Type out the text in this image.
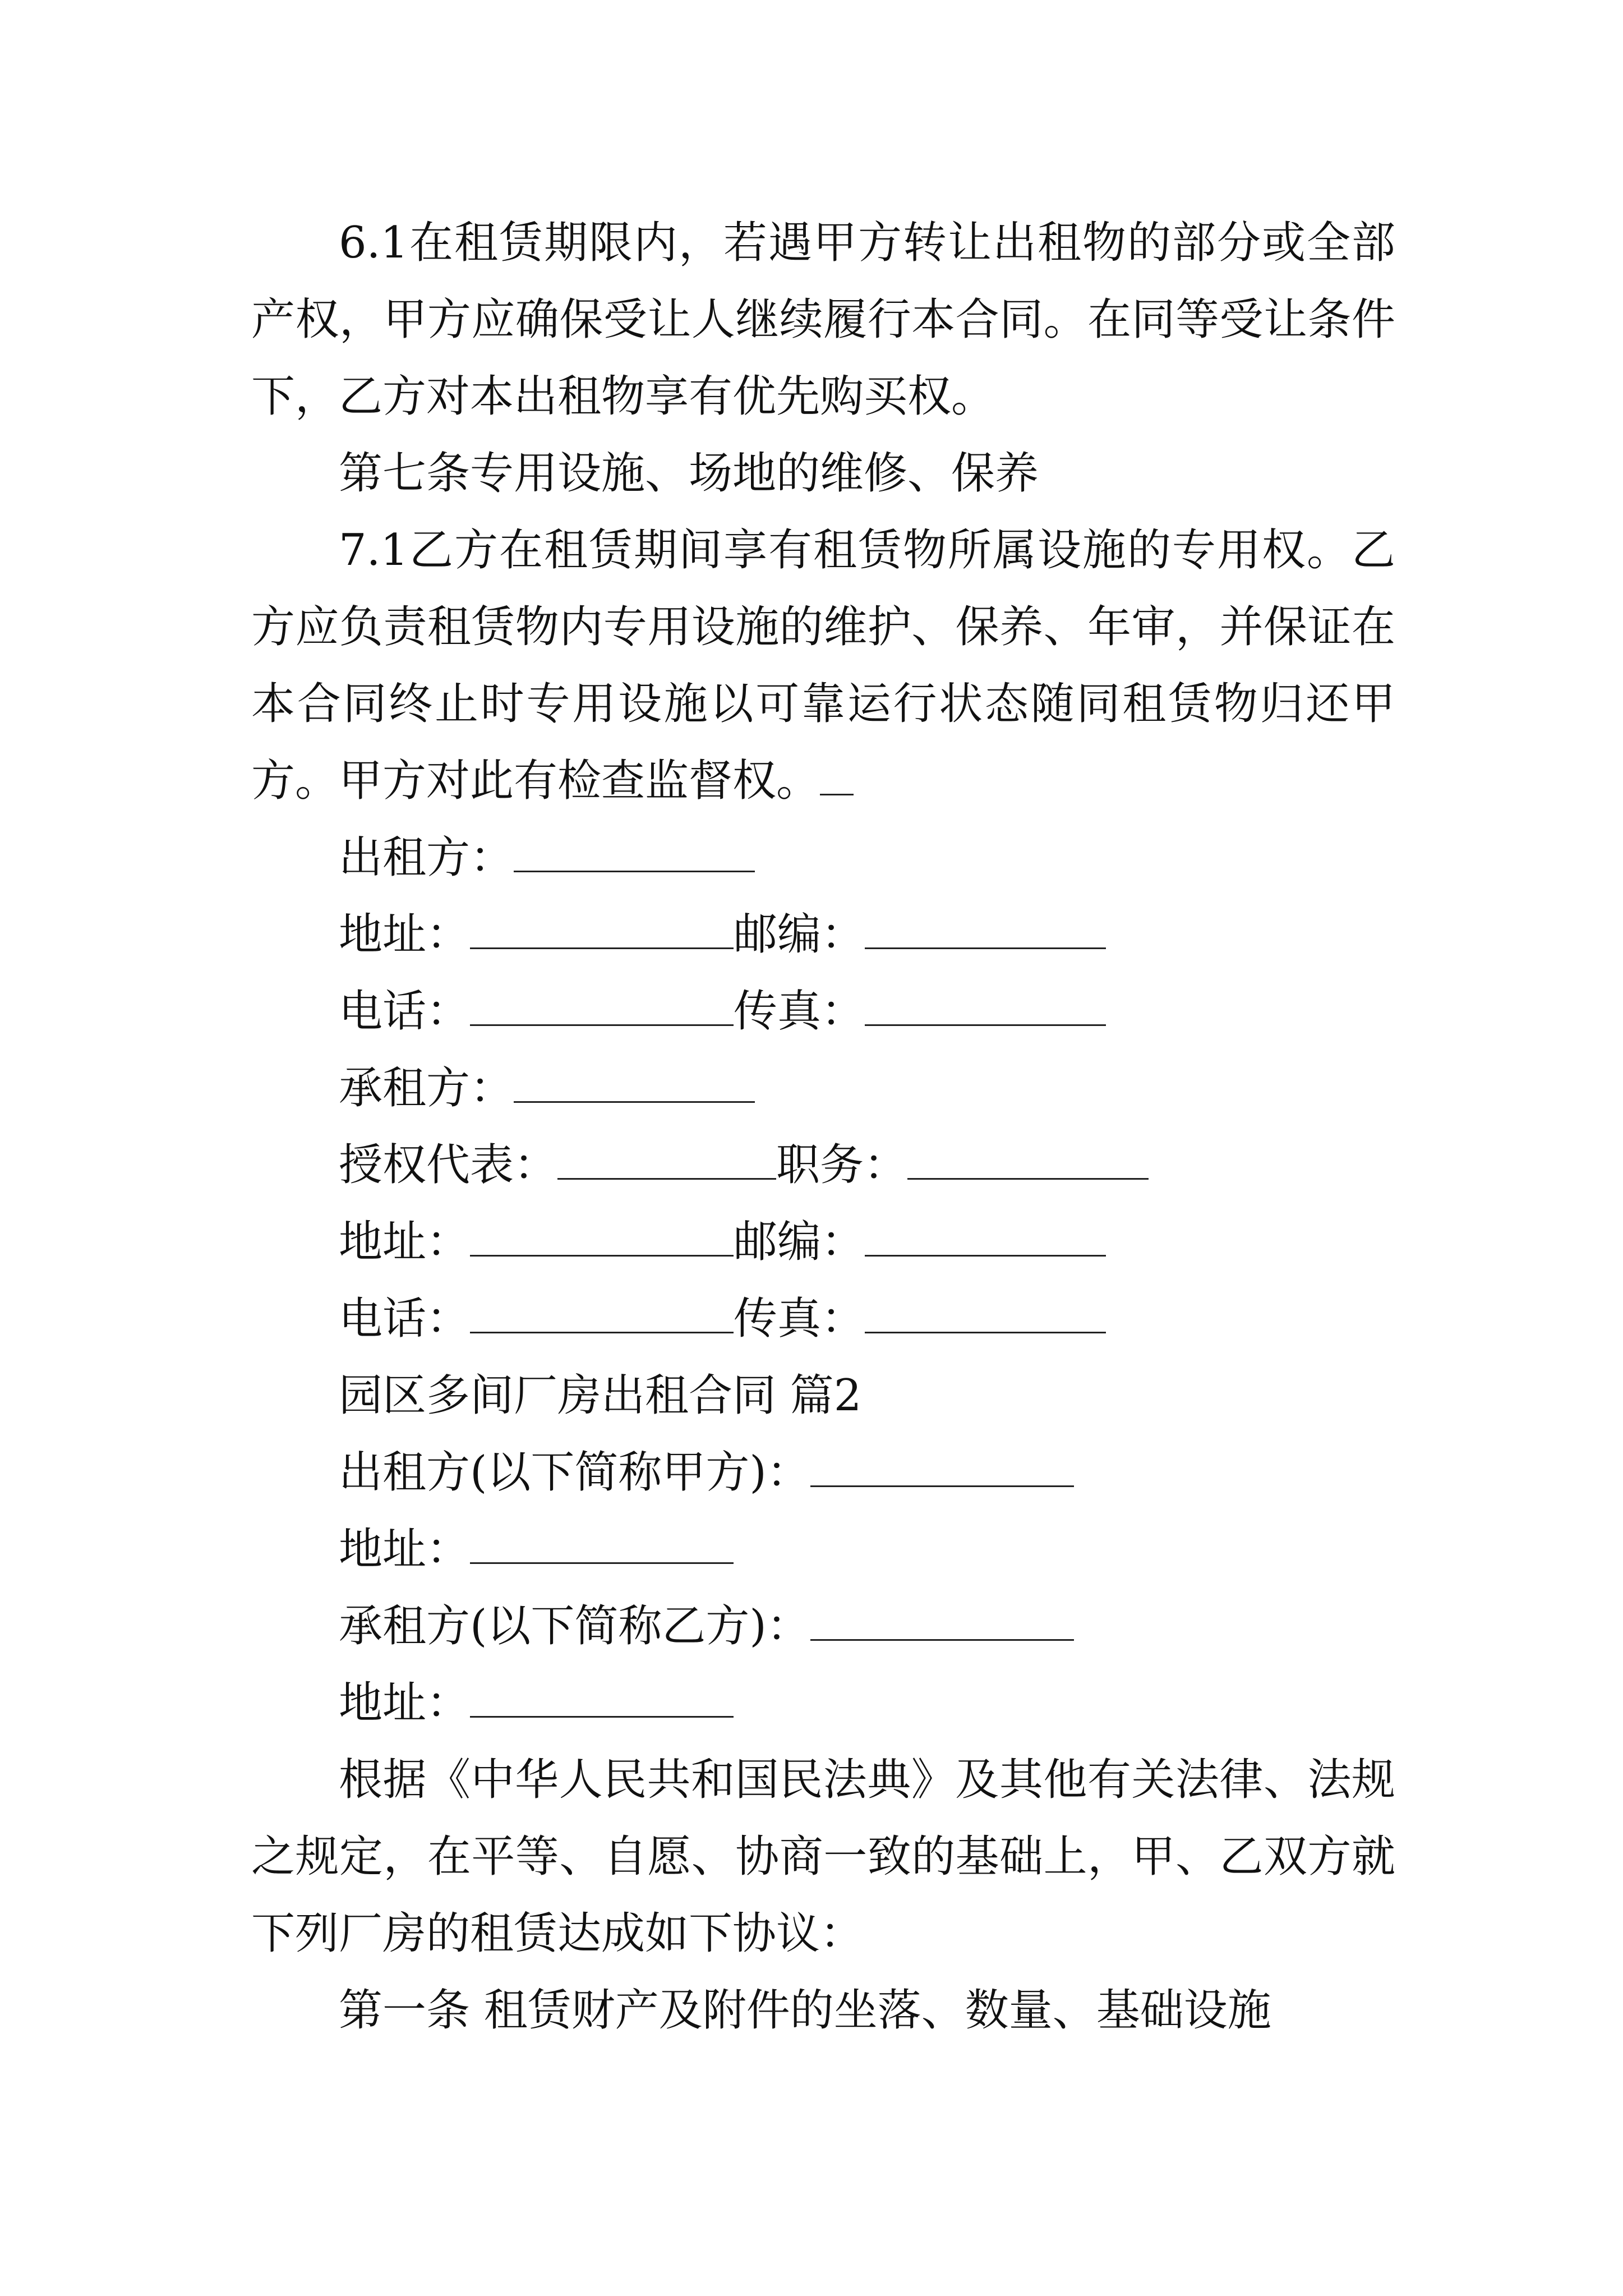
6.1在租赁期限内，若遇甲方转让出租物的部分或全部
产权，甲方应确保受让人继续履行本合同。在同等受让条件
下，乙方对本出租物享有优先购买权。
第七条专用设施、场地的维修、保养
7.1乙方在租赁期间享有租赁物所属设施的专用权。乙
方应负责租赁物内专用设施的维护、保养、年审，并保证在
本合同终止时专用设施以可靠运行状态随同租赁物归还甲
方。甲方对此有检查监督权。
出租方：
地址：	邮编：
电话：	传真：
承租方：
授权代表：	职务：
地址：	邮编：
电话：	传真：
园区多间厂房出租合同 篇2
出租方(以下简称甲方)：
地址：
承租方(以下简称乙方)：
地址：
根据《中华人民共和国民法典》及其他有关法律、法规
之规定，在平等、自愿、协商一致的基础上，甲、乙双方就
下列厂房的租赁达成如下协议：
第一条 租赁财产及附件的坐落、数量、基础设施
